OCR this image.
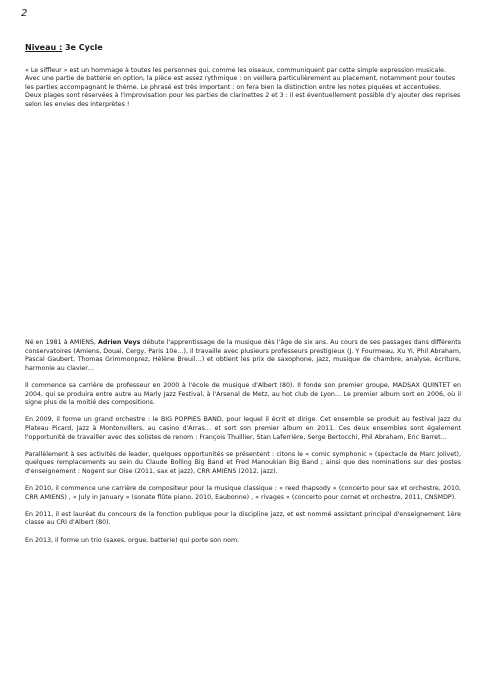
2
Niveau : 3e Cycle

« Le siffleur » est un hommage à toutes les personnes qui, comme les oiseaux, communiquent par cette simple expression musicale.

Avec une partie de batterie en option, la pièce est assez rythmique : on veillera particulièrement au placement, notamment pour toutes les parties accompagnant le thème. Le phrasé est très important : on fera bien la distinction entre les notes piquées et accentuées.

Deux plages sont réservées à l'improvisation pour les parties de clarinettes 2 et 3 : il est éventuellement possible d'y ajouter des reprises selon les envies des interprètes !

Né en 1981 à AMIENS, Adrien Veys débute l'apprentissage de la musique dès l'âge de six ans. Au cours de ses passages dans différents conservatoires (Amiens, Douai, Cergy, Paris 10e…), il travaille avec plusieurs professeurs prestigieux (J. Y Fourmeau, Xu Yi, Phil Abraham, Pascal Gaubert, Thomas Grimmonprez, Hélène Breuil…) et obtient les prix de saxophone, jazz, musique de chambre, analyse, écriture, harmonie au clavier…

Il commence sa carrière de professeur en 2000 à l'école de musique d'Albert (80). Il fonde son premier groupe, MADSAX QUINTET en 2004, qui se produira entre autre au Marly Jazz Festival, à l'Arsenal de Metz, au hot club de Lyon… Le premier album sort en 2006, où il signe plus de la moitié des compositions.

En 2009, il forme un grand orchestre : le BIG POPPIES BAND, pour lequel il écrit et dirige. Cet ensemble se produit au festival Jazz du Plateau Picard, Jazz à Montonvillers, au casino d'Arras… et sort son premier album en 2011. Ces deux ensembles sont également l'opportunité de travailler avec des solistes de renom : François Thuillier, Stan Laferrière, Serge Bertocchi, Phil Abraham, Eric Barret…

Parallèlement à ses activités de leader, quelques opportunités se présentent : citons le « comic symphonic » (spectacle de Marc Jolivet), quelques remplacements au sein du Claude Bolling Big Band et Fred Manoukian Big Band ; ainsi que des nominations sur des postes d'enseignement : Nogent sur Oise (2011, sax et jazz), CRR AMIENS (2012, jazz).

En 2010, il commence une carrière de compositeur pour la musique classique : « reed rhapsody » (concerto pour sax et orchestre, 2010, CRR AMIENS) , « July in January » (sonate flûte piano, 2010, Eaubonne) , « rivages » (concerto pour cornet et orchestre, 2011, CNSMDP).

En 2011, il est lauréat du concours de la fonction publique pour la discipline jazz, et est nommé assistant principal d'enseignement 1ère classe au CRI d'Albert (80).

En 2013, il forme un trio (saxes, orgue, batterie) qui porte son nom.
